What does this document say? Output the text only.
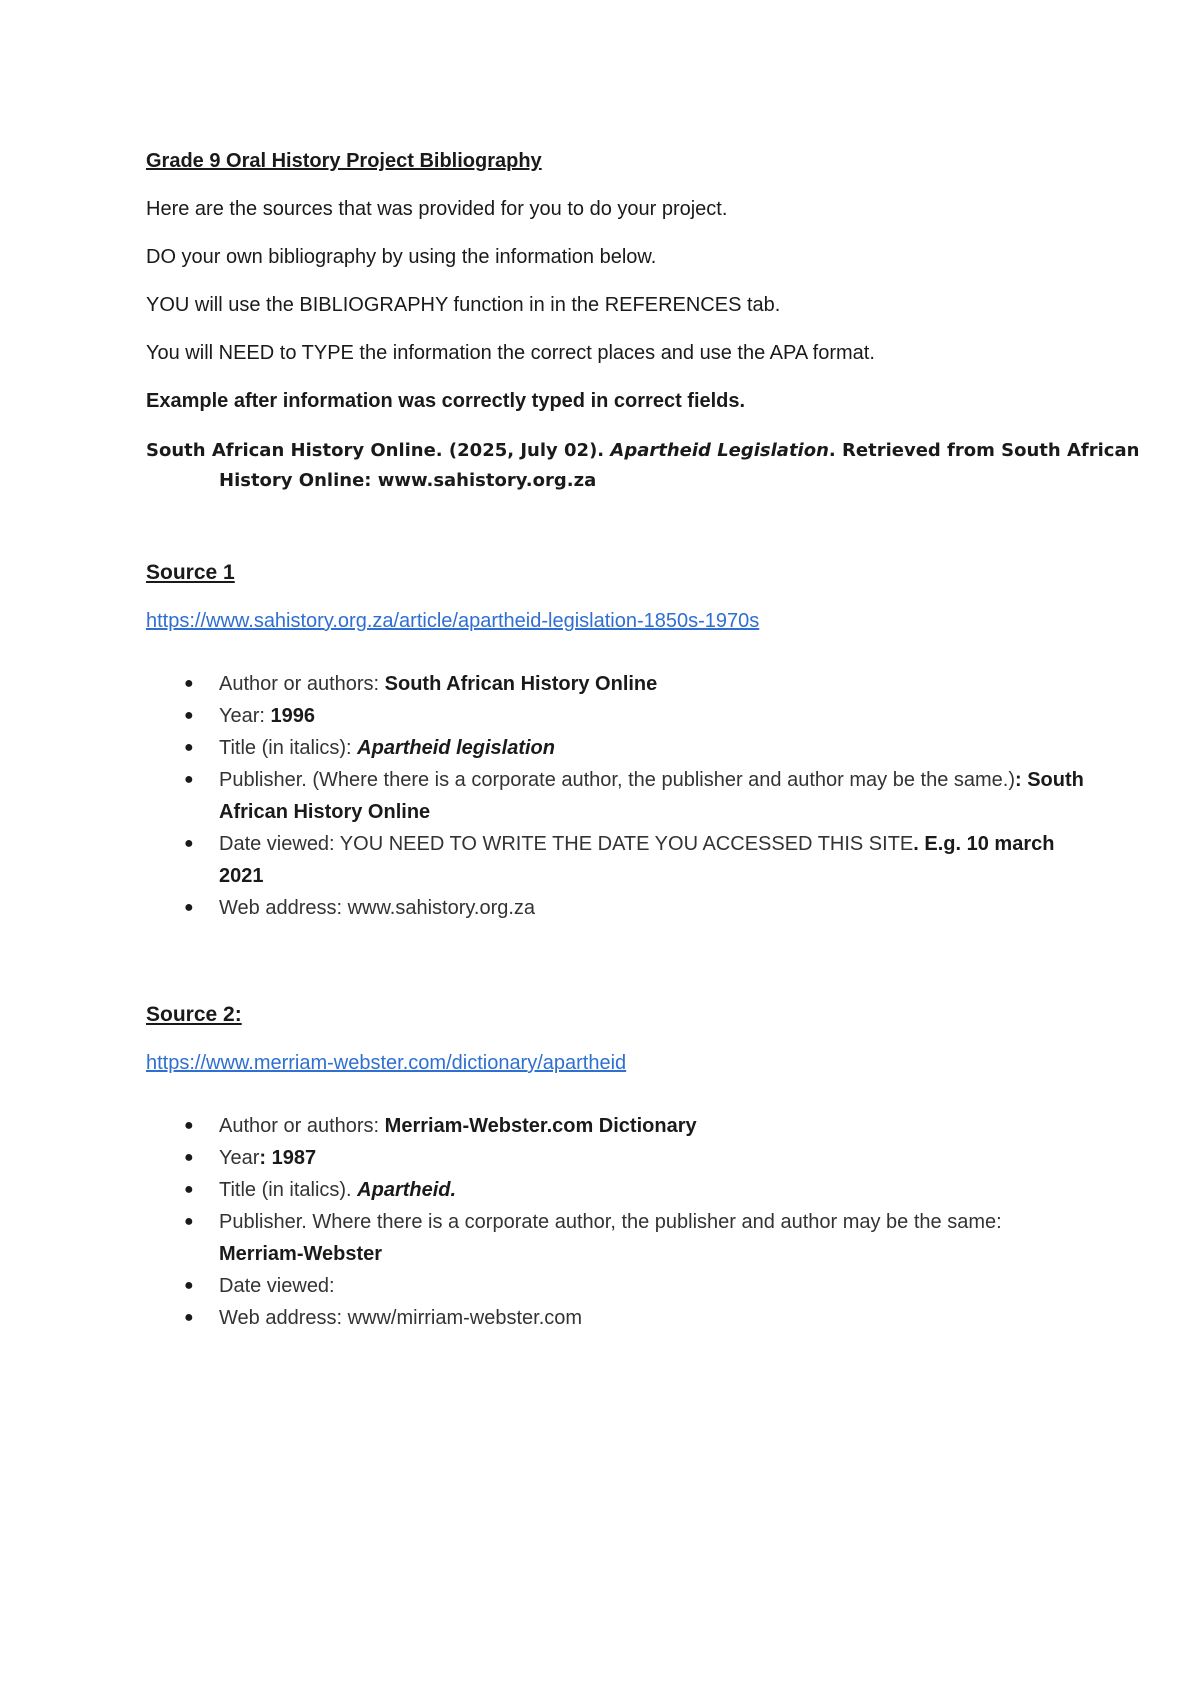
Grade 9 Oral History Project Bibliography
Here are the sources that was provided for you to do your project.
DO your own bibliography by using the information below.
YOU will use the BIBLIOGRAPHY function in in the REFERENCES tab.
You will NEED to TYPE the information the correct places and use the APA format.
Example after information was correctly typed in correct fields.
South African History Online. (2025, July 02). Apartheid Legislation. Retrieved from South African
History Online: www.sahistory.org.za
Source 1
https://www.sahistory.org.za/article/apartheid-legislation-1850s-1970s
● Author or authors: South African History Online
● Year: 1996
● Title (in italics): Apartheid legislation
● Publisher. (Where there is a corporate author, the publisher and author may be the same.): South African History Online
● Date viewed: YOU NEED TO WRITE THE DATE YOU ACCESSED THIS SITE. E.g. 10 march 2021
● Web address: www.sahistory.org.za
Source 2:
https://www.merriam-webster.com/dictionary/apartheid
● Author or authors: Merriam-Webster.com Dictionary
● Year: 1987
● Title (in italics). Apartheid.
● Publisher. Where there is a corporate author, the publisher and author may be the same: Merriam-Webster
● Date viewed:
● Web address: www/mirriam-webster.com
